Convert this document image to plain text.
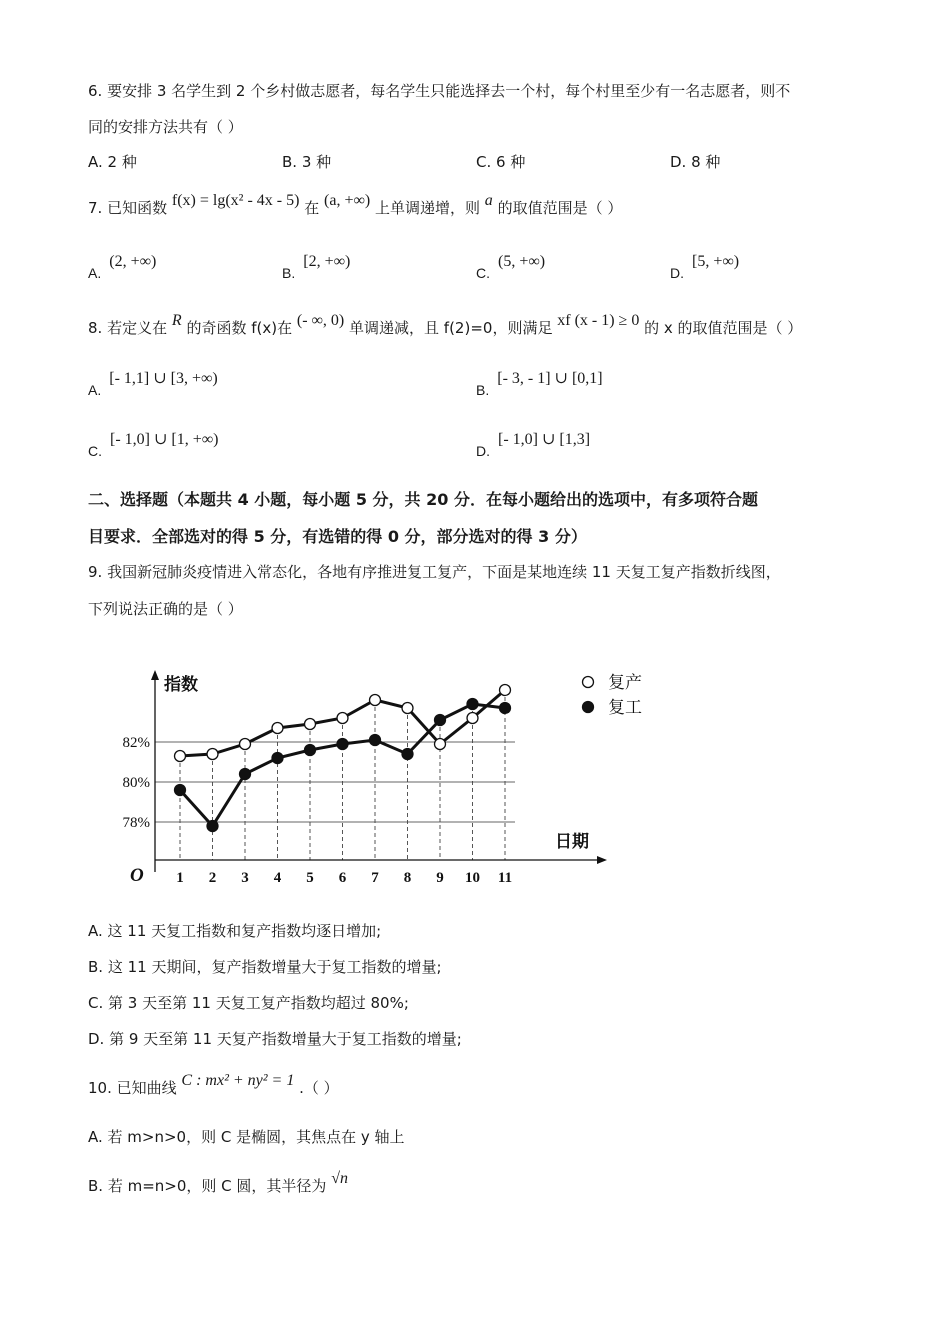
6. 要安排 3 名学生到 2 个乡村做志愿者，每名学生只能选择去一个村，每个村里至少有一名志愿者，则不
同的安排方法共有（ ）
A. 2 种	B. 3 种	C. 6 种	D. 8 种
7. 已知函数 f(x) = lg(x² - 4x - 5) 在 (a, +∞) 上单调递增，则 a 的取值范围是（ ）
A.(2, +∞)
B.[2, +∞)
C.(5, +∞)
D.[5, +∞)
8. 若定义在 R 的奇函数 f(x)在 (- ∞, 0) 单调递减，且 f(2)=0，则满足 xf (x - 1) ≥ 0 的 x 的取值范围是（ ）
A.[- 1,1] ∪ [3, +∞)
B.[- 3, - 1] ∪ [0,1]
C.[- 1,0] ∪ [1, +∞)
D.[- 1,0] ∪ [1,3]
二、选择题（本题共 4 小题，每小题 5 分，共 20 分．在每小题给出的选项中，有多项符合题
目要求．全部选对的得 5 分，有选错的得 0 分，部分选对的得 3 分）
9. 我国新冠肺炎疫情进入常态化，各地有序推进复工复产，下面是某地连续 11 天复工复产指数折线图，
下列说法正确的是（ ）
指数
日期
O
78%
80%
82%
1 2 3 4 5 6 7 8 9 10 11
复产
复工
A. 这 11 天复工指数和复产指数均逐日增加;
B. 这 11 天期间，复产指数增量大于复工指数的增量;
C. 第 3 天至第 11 天复工复产指数均超过 80%;
D. 第 9 天至第 11 天复产指数增量大于复工指数的增量;
10. 已知曲线 C : mx² + ny² = 1 .（ ）
A. 若 m>n>0，则 C 是椭圆，其焦点在 y 轴上
B. 若 m=n>0，则 C 圆，其半径为 √n
